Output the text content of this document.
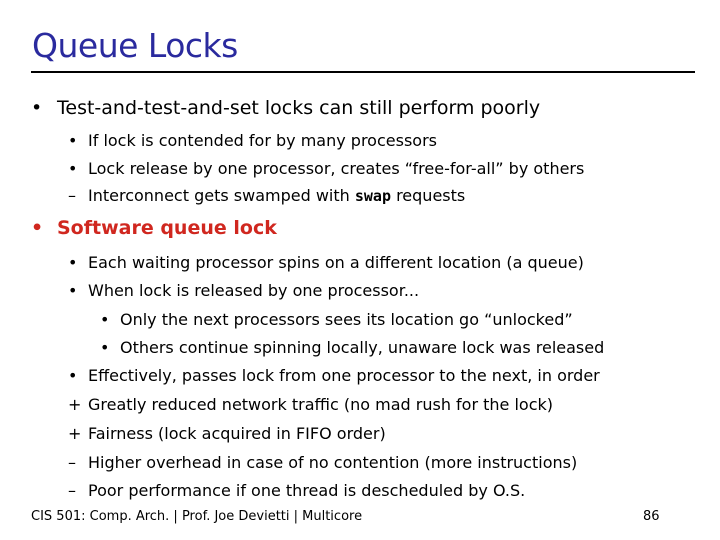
Queue Locks
• Test-and-test-and-set locks can still perform poorly
• If lock is contended for by many processors
• Lock release by one processor, creates “free-for-all” by others
– Interconnect gets swamped with swap requests
• Software queue lock
• Each waiting processor spins on a different location (a queue)
• When lock is released by one processor...
• Only the next processors sees its location go “unlocked”
• Others continue spinning locally, unaware lock was released
• Effectively, passes lock from one processor to the next, in order
+ Greatly reduced network traffic (no mad rush for the lock)
+ Fairness (lock acquired in FIFO order)
– Higher overhead in case of no contention (more instructions)
– Poor performance if one thread is descheduled by O.S.
CIS 501: Comp. Arch. | Prof. Joe Devietti | Multicore	86
